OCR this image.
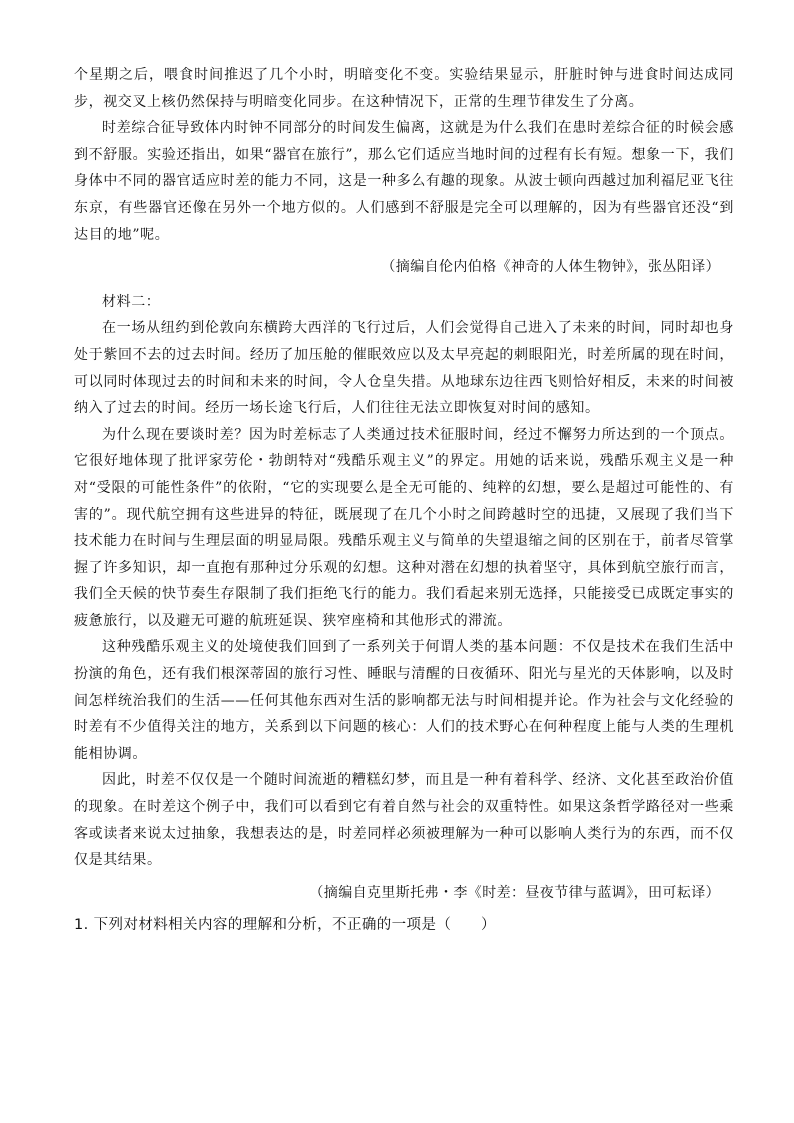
个星期之后，喂食时间推迟了几个小时，明暗变化不变。实验结果显示，肝脏时钟与进食时间达成同步，视交叉上核仍然保持与明暗变化同步。在这种情况下，正常的生理节律发生了分离。

时差综合征导致体内时钟不同部分的时间发生偏离，这就是为什么我们在患时差综合征的时候会感到不舒服。实验还指出，如果“器官在旅行”，那么它们适应当地时间的过程有长有短。想象一下，我们身体中不同的器官适应时差的能力不同，这是一种多么有趣的现象。从波士顿向西越过加利福尼亚飞往东京，有些器官还像在另外一个地方似的。人们感到不舒服是完全可以理解的，因为有些器官还没“到达目的地”呢。

（摘编自伦内伯格《神奇的人体生物钟》，张丛阳译）

材料二：

在一场从纽约到伦敦向东横跨大西洋的飞行过后，人们会觉得自己进入了未来的时间，同时却也身处于紫回不去的过去时间。经历了加压舱的催眠效应以及太早亮起的刺眼阳光，时差所属的现在时间，可以同时体现过去的时间和未来的时间，令人仓皇失措。从地球东边往西飞则恰好相反，未来的时间被纳入了过去的时间。经历一场长途飞行后，人们往往无法立即恢复对时间的感知。

为什么现在要谈时差？因为时差标志了人类通过技术征服时间，经过不懈努力所达到的一个顶点。它很好地体现了批评家劳伦・勃朗特对“残酷乐观主义”的界定。用她的话来说，残酷乐观主义是一种对“受限的可能性条件”的依附，“它的实现要么是全无可能的、纯粹的幻想，要么是超过可能性的、有害的”。现代航空拥有这些进异的特征，既展现了在几个小时之间跨越时空的迅捷，又展现了我们当下技术能力在时间与生理层面的明显局限。残酷乐观主义与简单的失望退缩之间的区别在于，前者尽管掌握了许多知识，却一直抱有那种过分乐观的幻想。这种对潜在幻想的执着坚守，具体到航空旅行而言，我们全天候的快节奏生存限制了我们拒绝飞行的能力。我们看起来别无选择，只能接受已成既定事实的疲惫旅行，以及避无可避的航班延误、狭窄座椅和其他形式的滞流。

这种残酷乐观主义的处境使我们回到了一系列关于何谓人类的基本问题：不仅是技术在我们生活中扮演的角色，还有我们根深蒂固的旅行习性、睡眠与清醒的日夜循环、阳光与星光的天体影响，以及时间怎样统治我们的生活——任何其他东西对生活的影响都无法与时间相提并论。作为社会与文化经验的时差有不少值得关注的地方，关系到以下问题的核心：人们的技术野心在何种程度上能与人类的生理机能相协调。

因此，时差不仅仅是一个随时间流逝的糟糕幻梦，而且是一种有着科学、经济、文化甚至政治价值的现象。在时差这个例子中，我们可以看到它有着自然与社会的双重特性。如果这条哲学路径对一些乘客或读者来说太过抽象，我想表达的是，时差同样必须被理解为一种可以影响人类行为的东西，而不仅仅是其结果。

（摘编自克里斯托弗・李《时差：昼夜节律与蓝调》，田可耘译）

1. 下列对材料相关内容的理解和分析，不正确的一项是（　　）
